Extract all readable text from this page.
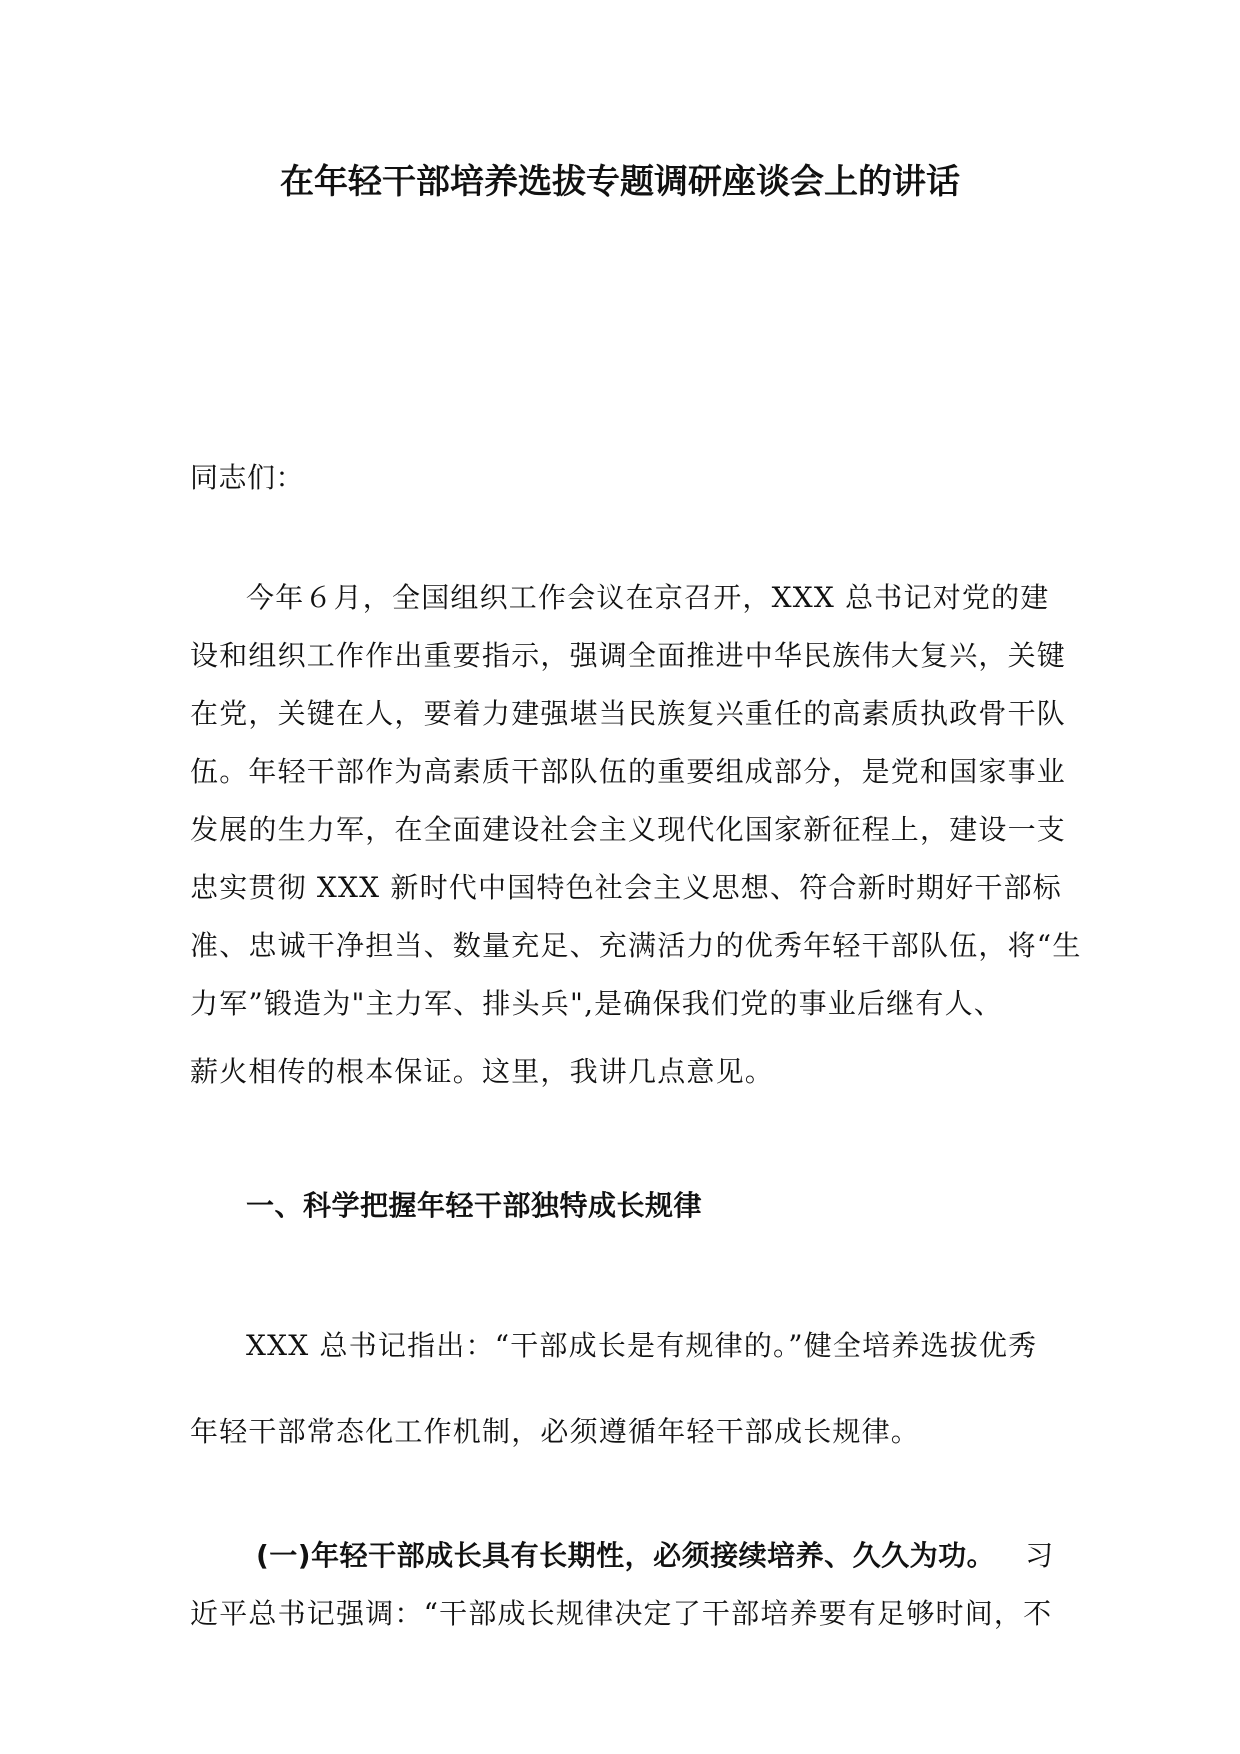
在年轻干部培养选拔专题调研座谈会上的讲话

同志们：

今年６月，全国组织工作会议在京召开，XXX 总书记对党的建

设和组织工作作出重要指示，强调全面推进中华民族伟大复兴，关键

在党，关键在人，要着力建强堪当民族复兴重任的高素质执政骨干队

伍。年轻干部作为高素质干部队伍的重要组成部分，是党和国家事业

发展的生力军，在全面建设社会主义现代化国家新征程上，建设一支

忠实贯彻 XXX 新时代中国特色社会主义思想、符合新时期好干部标

准、忠诚干净担当、数量充足、充满活力的优秀年轻干部队伍，将“生

力军”锻造为"主力军、排头兵",是确保我们党的事业后继有人、

薪火相传的根本保证。这里，我讲几点意见。

一、科学把握年轻干部独特成长规律

XXX 总书记指出：“干部成长是有规律的。”健全培养选拔优秀

年轻干部常态化工作机制，必须遵循年轻干部成长规律。

(一)年轻干部成长具有长期性，必须接续培养、久久为功。 习

近平总书记强调：“干部成长规律决定了干部培养要有足够时间，不
